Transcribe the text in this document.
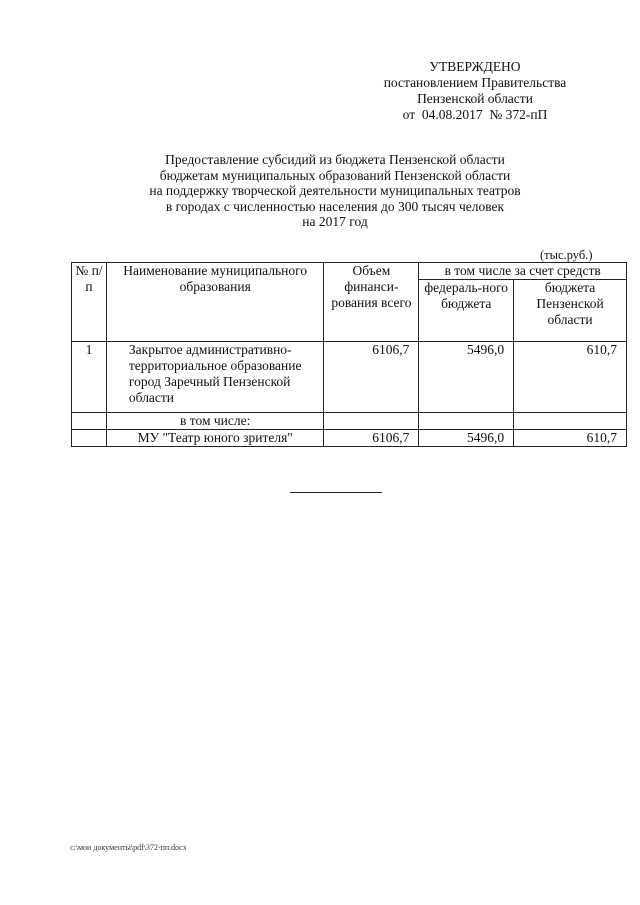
УТВЕРЖДЕНО
постановлением Правительства
Пензенской области
от  04.08.2017  № 372-пП
Предоставление субсидий из бюджета Пензенской области
бюджетам муниципальных образований Пензенской области
на поддержку творческой деятельности муниципальных театров
в городах с численностью населения до 300 тысяч человек
на 2017 год
(тыс.руб.)
№ п/п	Наименование муниципального образования	Объем финанси-рования всего	в том числе за счет средств	
			федераль-ного бюджета	бюджета Пензенской области
1	Закрытое административно-территориальное образование город Заречный Пензенской области	6106,7	5496,0	610,7
	в том числе:			
	МУ "Театр юного зрителя"	6106,7	5496,0	610,7
c:\мои документы\pdf\372-пп.docx
